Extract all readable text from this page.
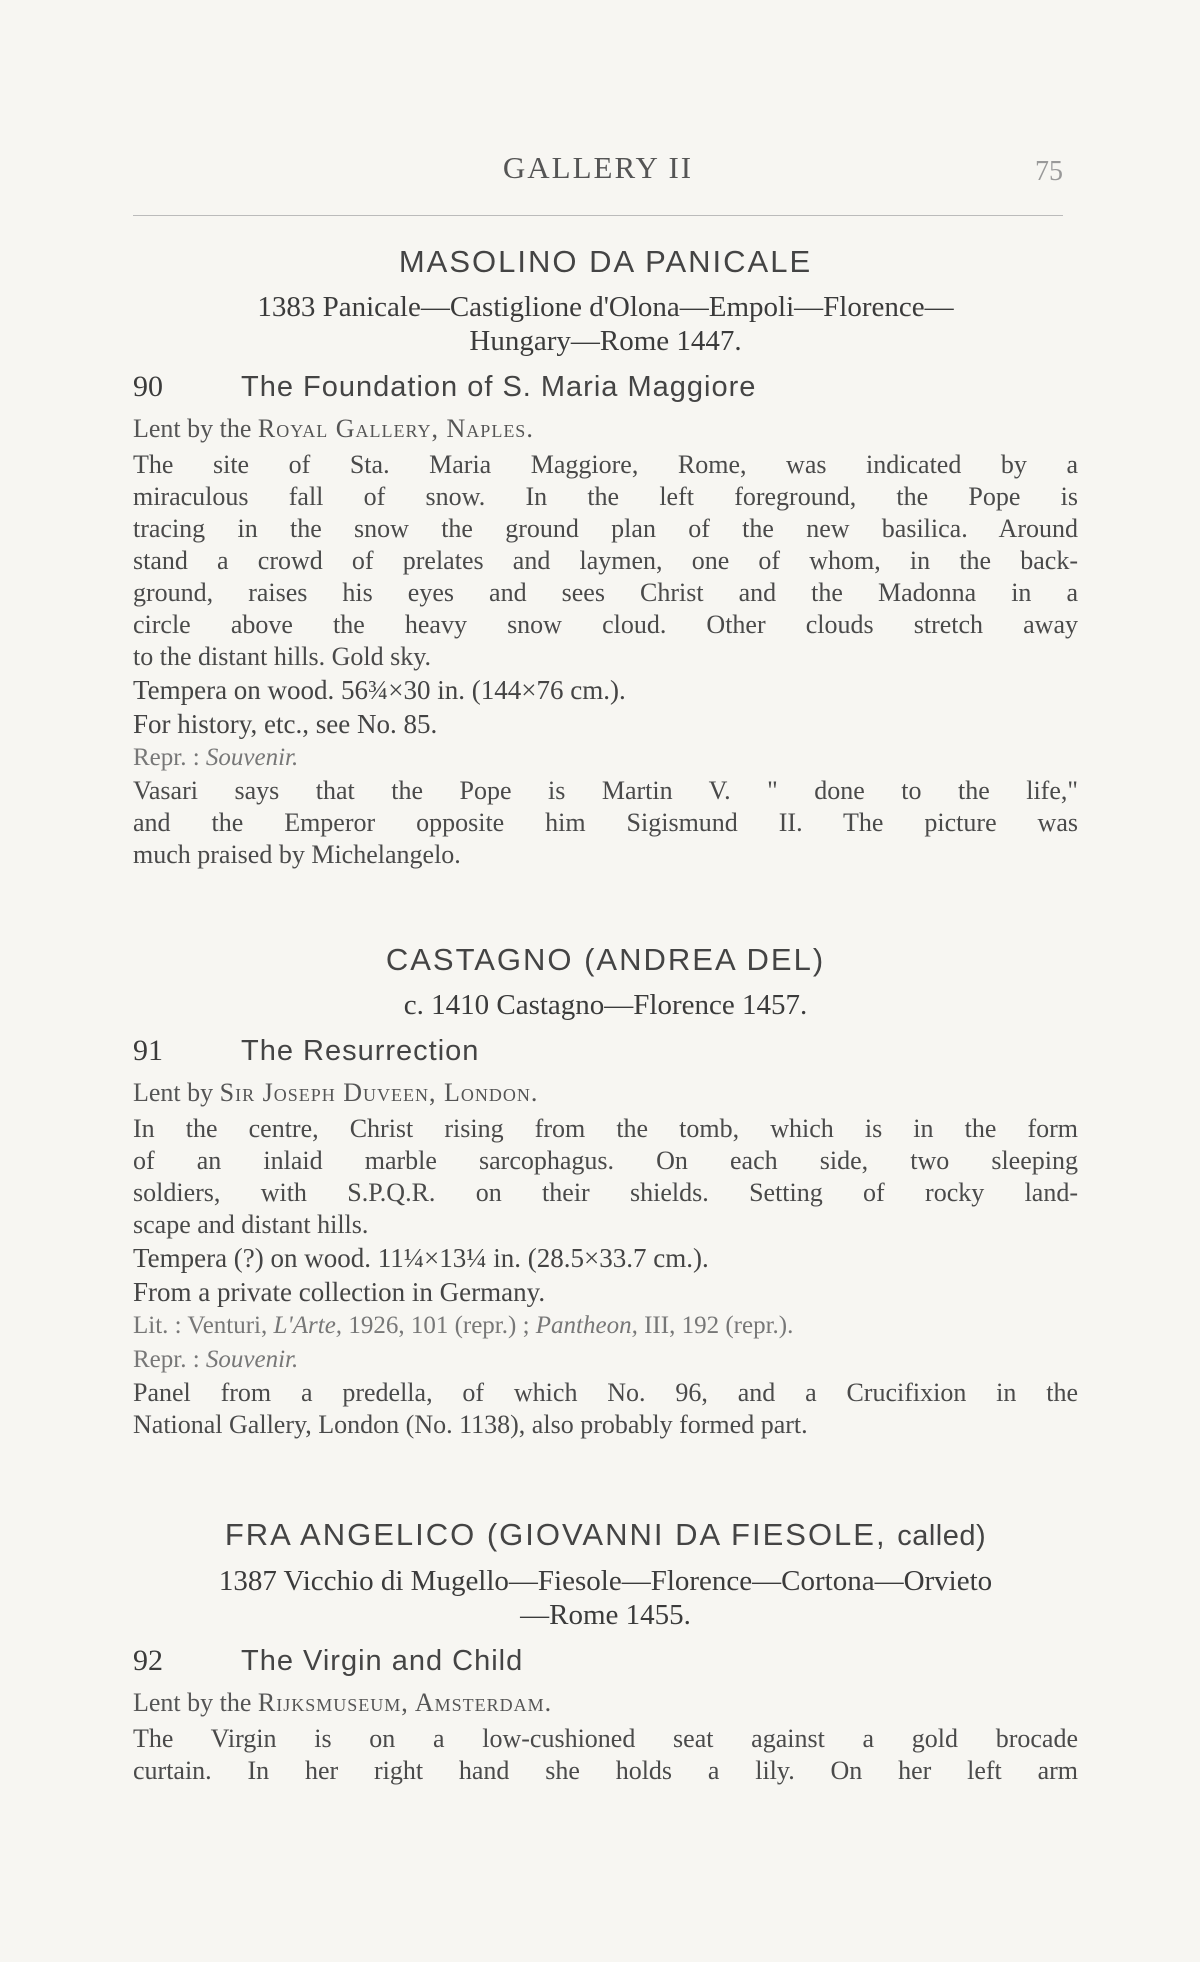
GALLERY II	75
MASOLINO DA PANICALE
1383 Panicale—Castiglione d'Olona—Empoli—Florence—
Hungary—Rome 1447.
90	The Foundation of S. Maria Maggiore
Lent by the Royal Gallery, Naples.
The site of Sta. Maria Maggiore, Rome, was indicated by a
miraculous fall of snow. In the left foreground, the Pope is
tracing in the snow the ground plan of the new basilica. Around
stand a crowd of prelates and laymen, one of whom, in the back-
ground, raises his eyes and sees Christ and the Madonna in a
circle above the heavy snow cloud. Other clouds stretch away
to the distant hills. Gold sky.
Tempera on wood. 56¾×30 in. (144×76 cm.).
For history, etc., see No. 85.
Repr. : Souvenir.
Vasari says that the Pope is Martin V. " done to the life,"
and the Emperor opposite him Sigismund II. The picture was
much praised by Michelangelo.
CASTAGNO (ANDREA DEL)
c. 1410 Castagno—Florence 1457.
91	The Resurrection
Lent by Sir Joseph Duveen, London.
In the centre, Christ rising from the tomb, which is in the form
of an inlaid marble sarcophagus. On each side, two sleeping
soldiers, with S.P.Q.R. on their shields. Setting of rocky land-
scape and distant hills.
Tempera (?) on wood. 11¼×13¼ in. (28.5×33.7 cm.).
From a private collection in Germany.
Lit. : Venturi, L'Arte, 1926, 101 (repr.) ; Pantheon, III, 192 (repr.).
Repr. : Souvenir.
Panel from a predella, of which No. 96, and a Crucifixion in the
National Gallery, London (No. 1138), also probably formed part.
FRA ANGELICO (GIOVANNI DA FIESOLE, called)
1387 Vicchio di Mugello—Fiesole—Florence—Cortona—Orvieto
—Rome 1455.
92	The Virgin and Child
Lent by the Rijksmuseum, Amsterdam.
The Virgin is on a low-cushioned seat against a gold brocade
curtain. In her right hand she holds a lily. On her left arm
